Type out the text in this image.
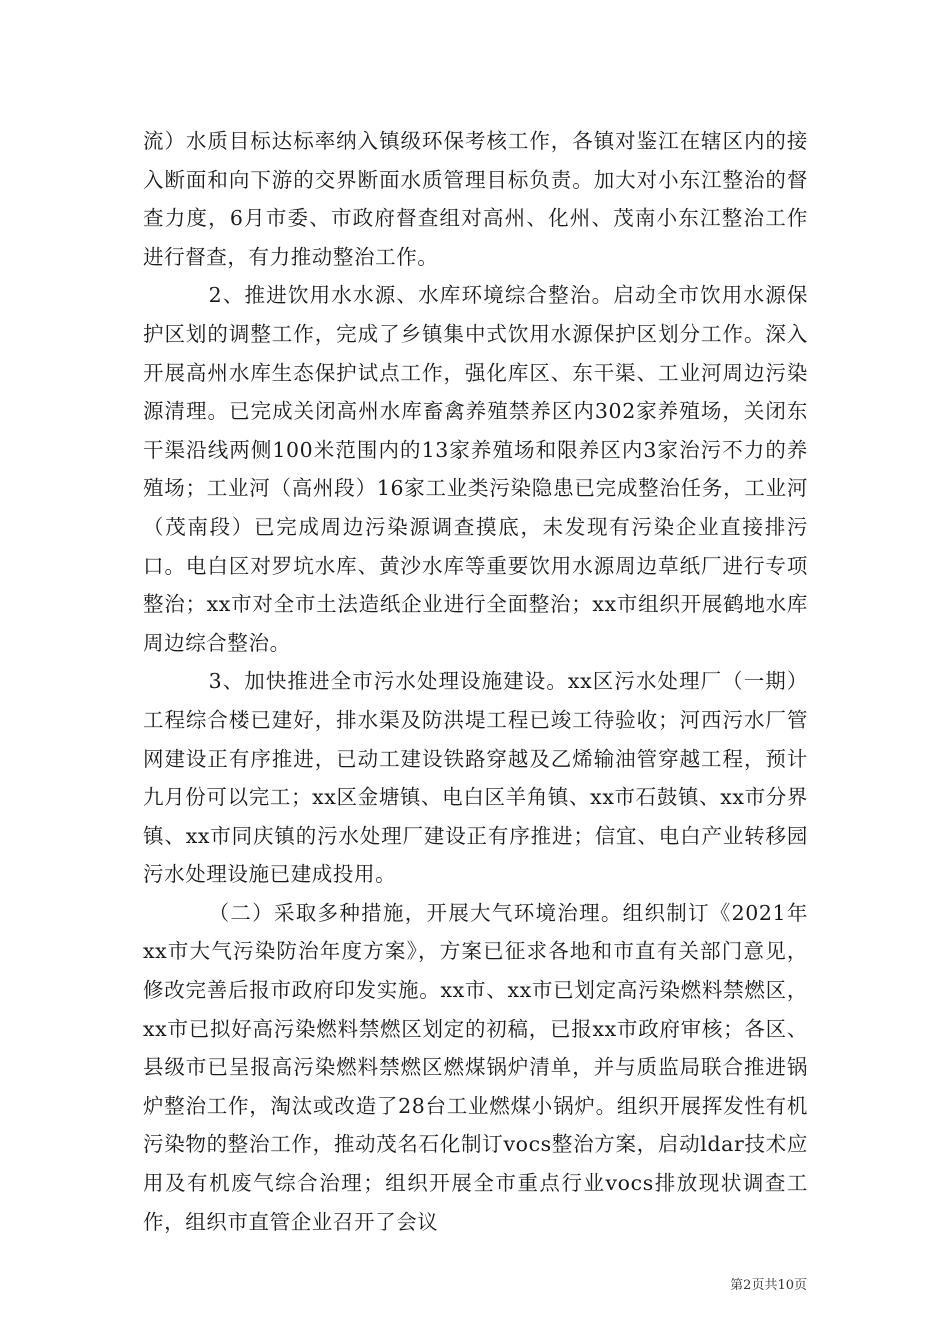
流）水质目标达标率纳入镇级环保考核工作，各镇对鉴江在辖区内的接入断面和向下游的交界断面水质管理目标负责。加大对小东江整治的督查力度，6月市委、市政府督查组对高州、化州、茂南小东江整治工作进行督查，有力推动整治工作。

2、推进饮用水水源、水库环境综合整治。启动全市饮用水源保护区划的调整工作，完成了乡镇集中式饮用水源保护区划分工作。深入开展高州水库生态保护试点工作，强化库区、东干渠、工业河周边污染源清理。已完成关闭高州水库畜禽养殖禁养区内302家养殖场，关闭东干渠沿线两侧100米范围内的13家养殖场和限养区内3家治污不力的养殖场；工业河（高州段）16家工业类污染隐患已完成整治任务，工业河（茂南段）已完成周边污染源调查摸底，未发现有污染企业直接排污口。电白区对罗坑水库、黄沙水库等重要饮用水源周边草纸厂进行专项整治；xx市对全市土法造纸企业进行全面整治；xx市组织开展鹤地水库周边综合整治。

3、加快推进全市污水处理设施建设。xx区污水处理厂（一期）工程综合楼已建好，排水渠及防洪堤工程已竣工待验收；河西污水厂管网建设正有序推进，已动工建设铁路穿越及乙烯输油管穿越工程，预计九月份可以完工；xx区金塘镇、电白区羊角镇、xx市石鼓镇、xx市分界镇、xx市同庆镇的污水处理厂建设正有序推进；信宜、电白产业转移园污水处理设施已建成投用。

（二）采取多种措施，开展大气环境治理。组织制订《2021年xx市大气污染防治年度方案》，方案已征求各地和市直有关部门意见，修改完善后报市政府印发实施。xx市、xx市已划定高污染燃料禁燃区，xx市已拟好高污染燃料禁燃区划定的初稿，已报xx市政府审核；各区、县级市已呈报高污染燃料禁燃区燃煤锅炉清单，并与质监局联合推进锅炉整治工作，淘汰或改造了28台工业燃煤小锅炉。组织开展挥发性有机污染物的整治工作，推动茂名石化制订vocs整治方案，启动ldar技术应用及有机废气综合治理；组织开展全市重点行业vocs排放现状调查工作，组织市直管企业召开了会议

第2页共10页
